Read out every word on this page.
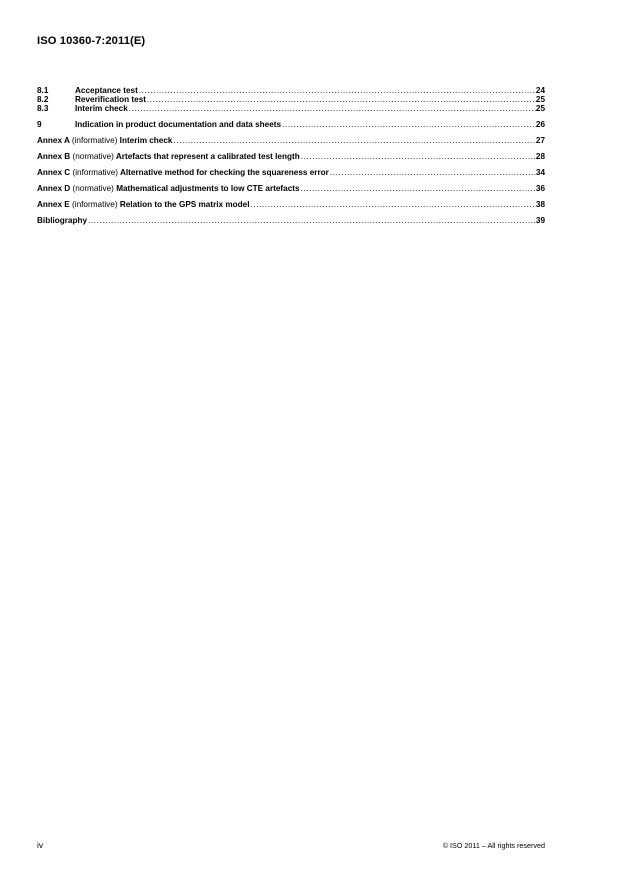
ISO 10360-7:2011(E)
8.1	Acceptance test .....	24
8.2	Reverification test .....	25
8.3	Interim check .....	25
9	Indication in product documentation and data sheets .....	26
Annex A (informative) Interim check .....	27
Annex B (normative) Artefacts that represent a calibrated test length .....	28
Annex C (informative) Alternative method for checking the squareness error .....	34
Annex D (normative) Mathematical adjustments to low CTE artefacts .....	36
Annex E (informative) Relation to the GPS matrix model .....	38
Bibliography .....	39
iv	© ISO 2011 – All rights reserved
